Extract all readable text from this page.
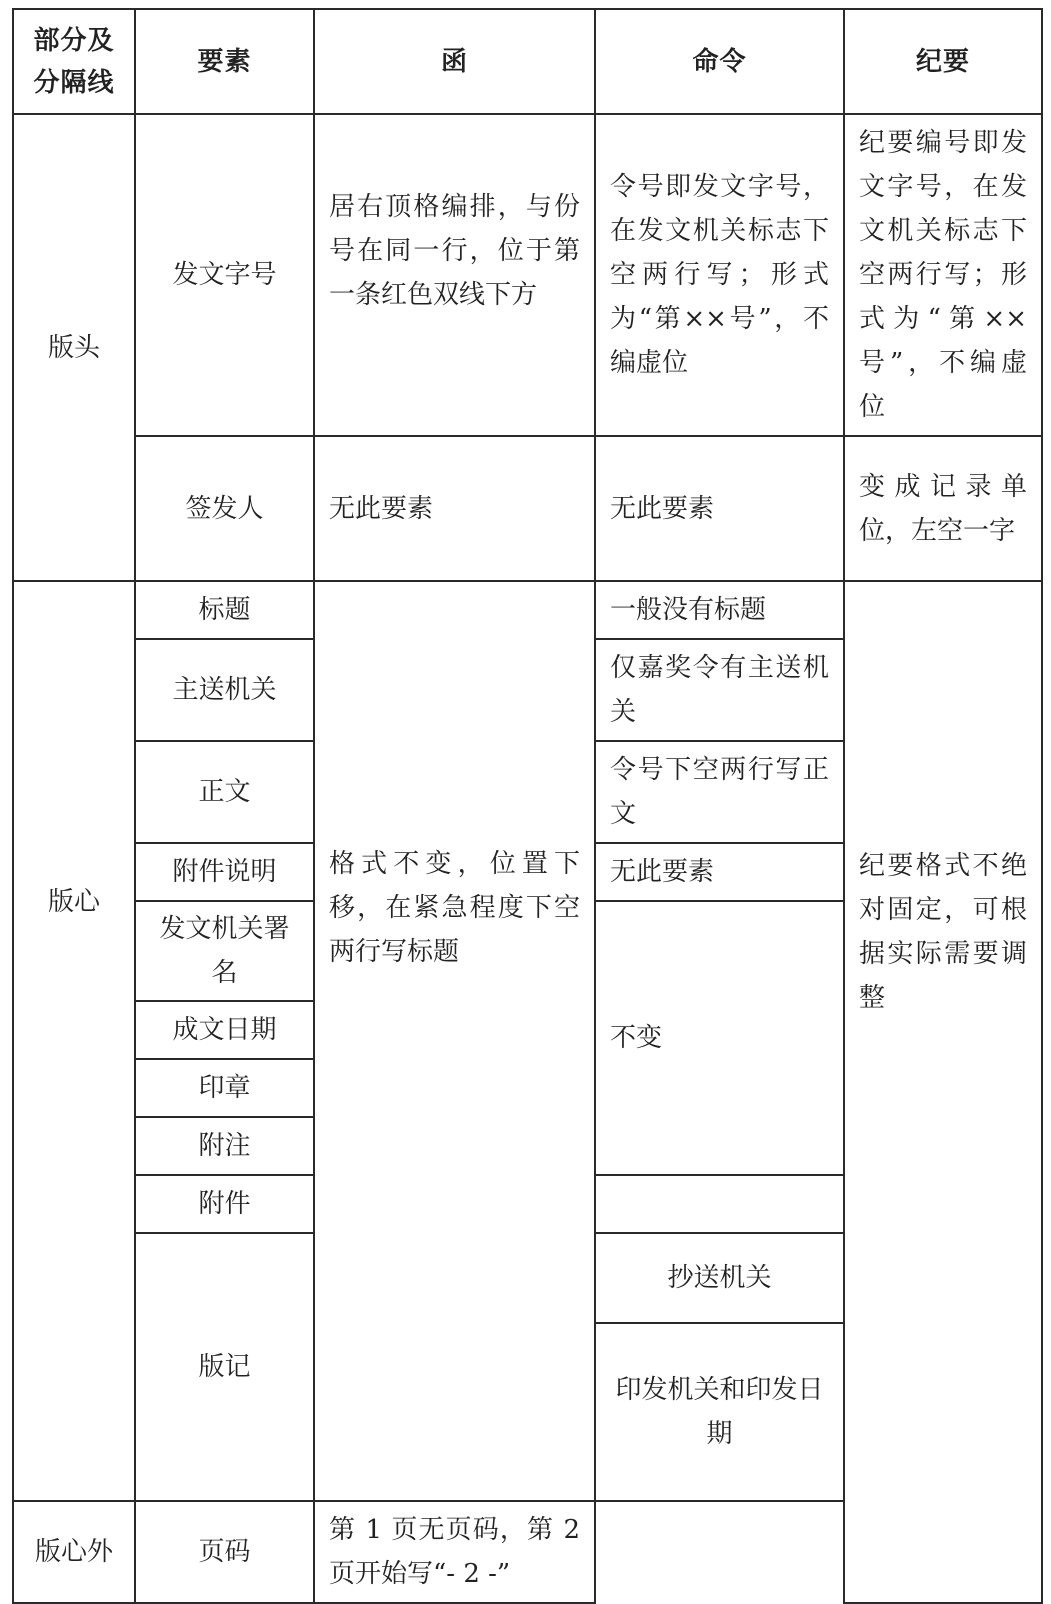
部分及分隔线	要素	函	命令	纪要	
版头	发文字号	居右顶格编排，与份号在同一行，位于第一条红色双线下方	令号即发文字号，在发文机关标志下空两行写；形式为“第××号”，不编虚位	纪要编号即发文字号，在发文机关标志下空两行写；形式为“第××号”，不编虚位	
	签发人	无此要素	无此要素	变成记录单位，左空一字	
版心	标题	格式不变，位置下移，在紧急程度下空两行写标题	一般没有标题	纪要格式不绝对固定，可根据实际需要调整	
	主送机关		仅嘉奖令有主送机关		
	正文		令号下空两行写正文		
	附件说明		无此要素		
	发文机关署名		不变		
	成文日期				
	印章				
	附注	
	附件				
	版记		抄送机关	
			印发机关和印发日期		
版心外	页码	第 1 页无页码，第 2 页开始写“- 2 -”			
